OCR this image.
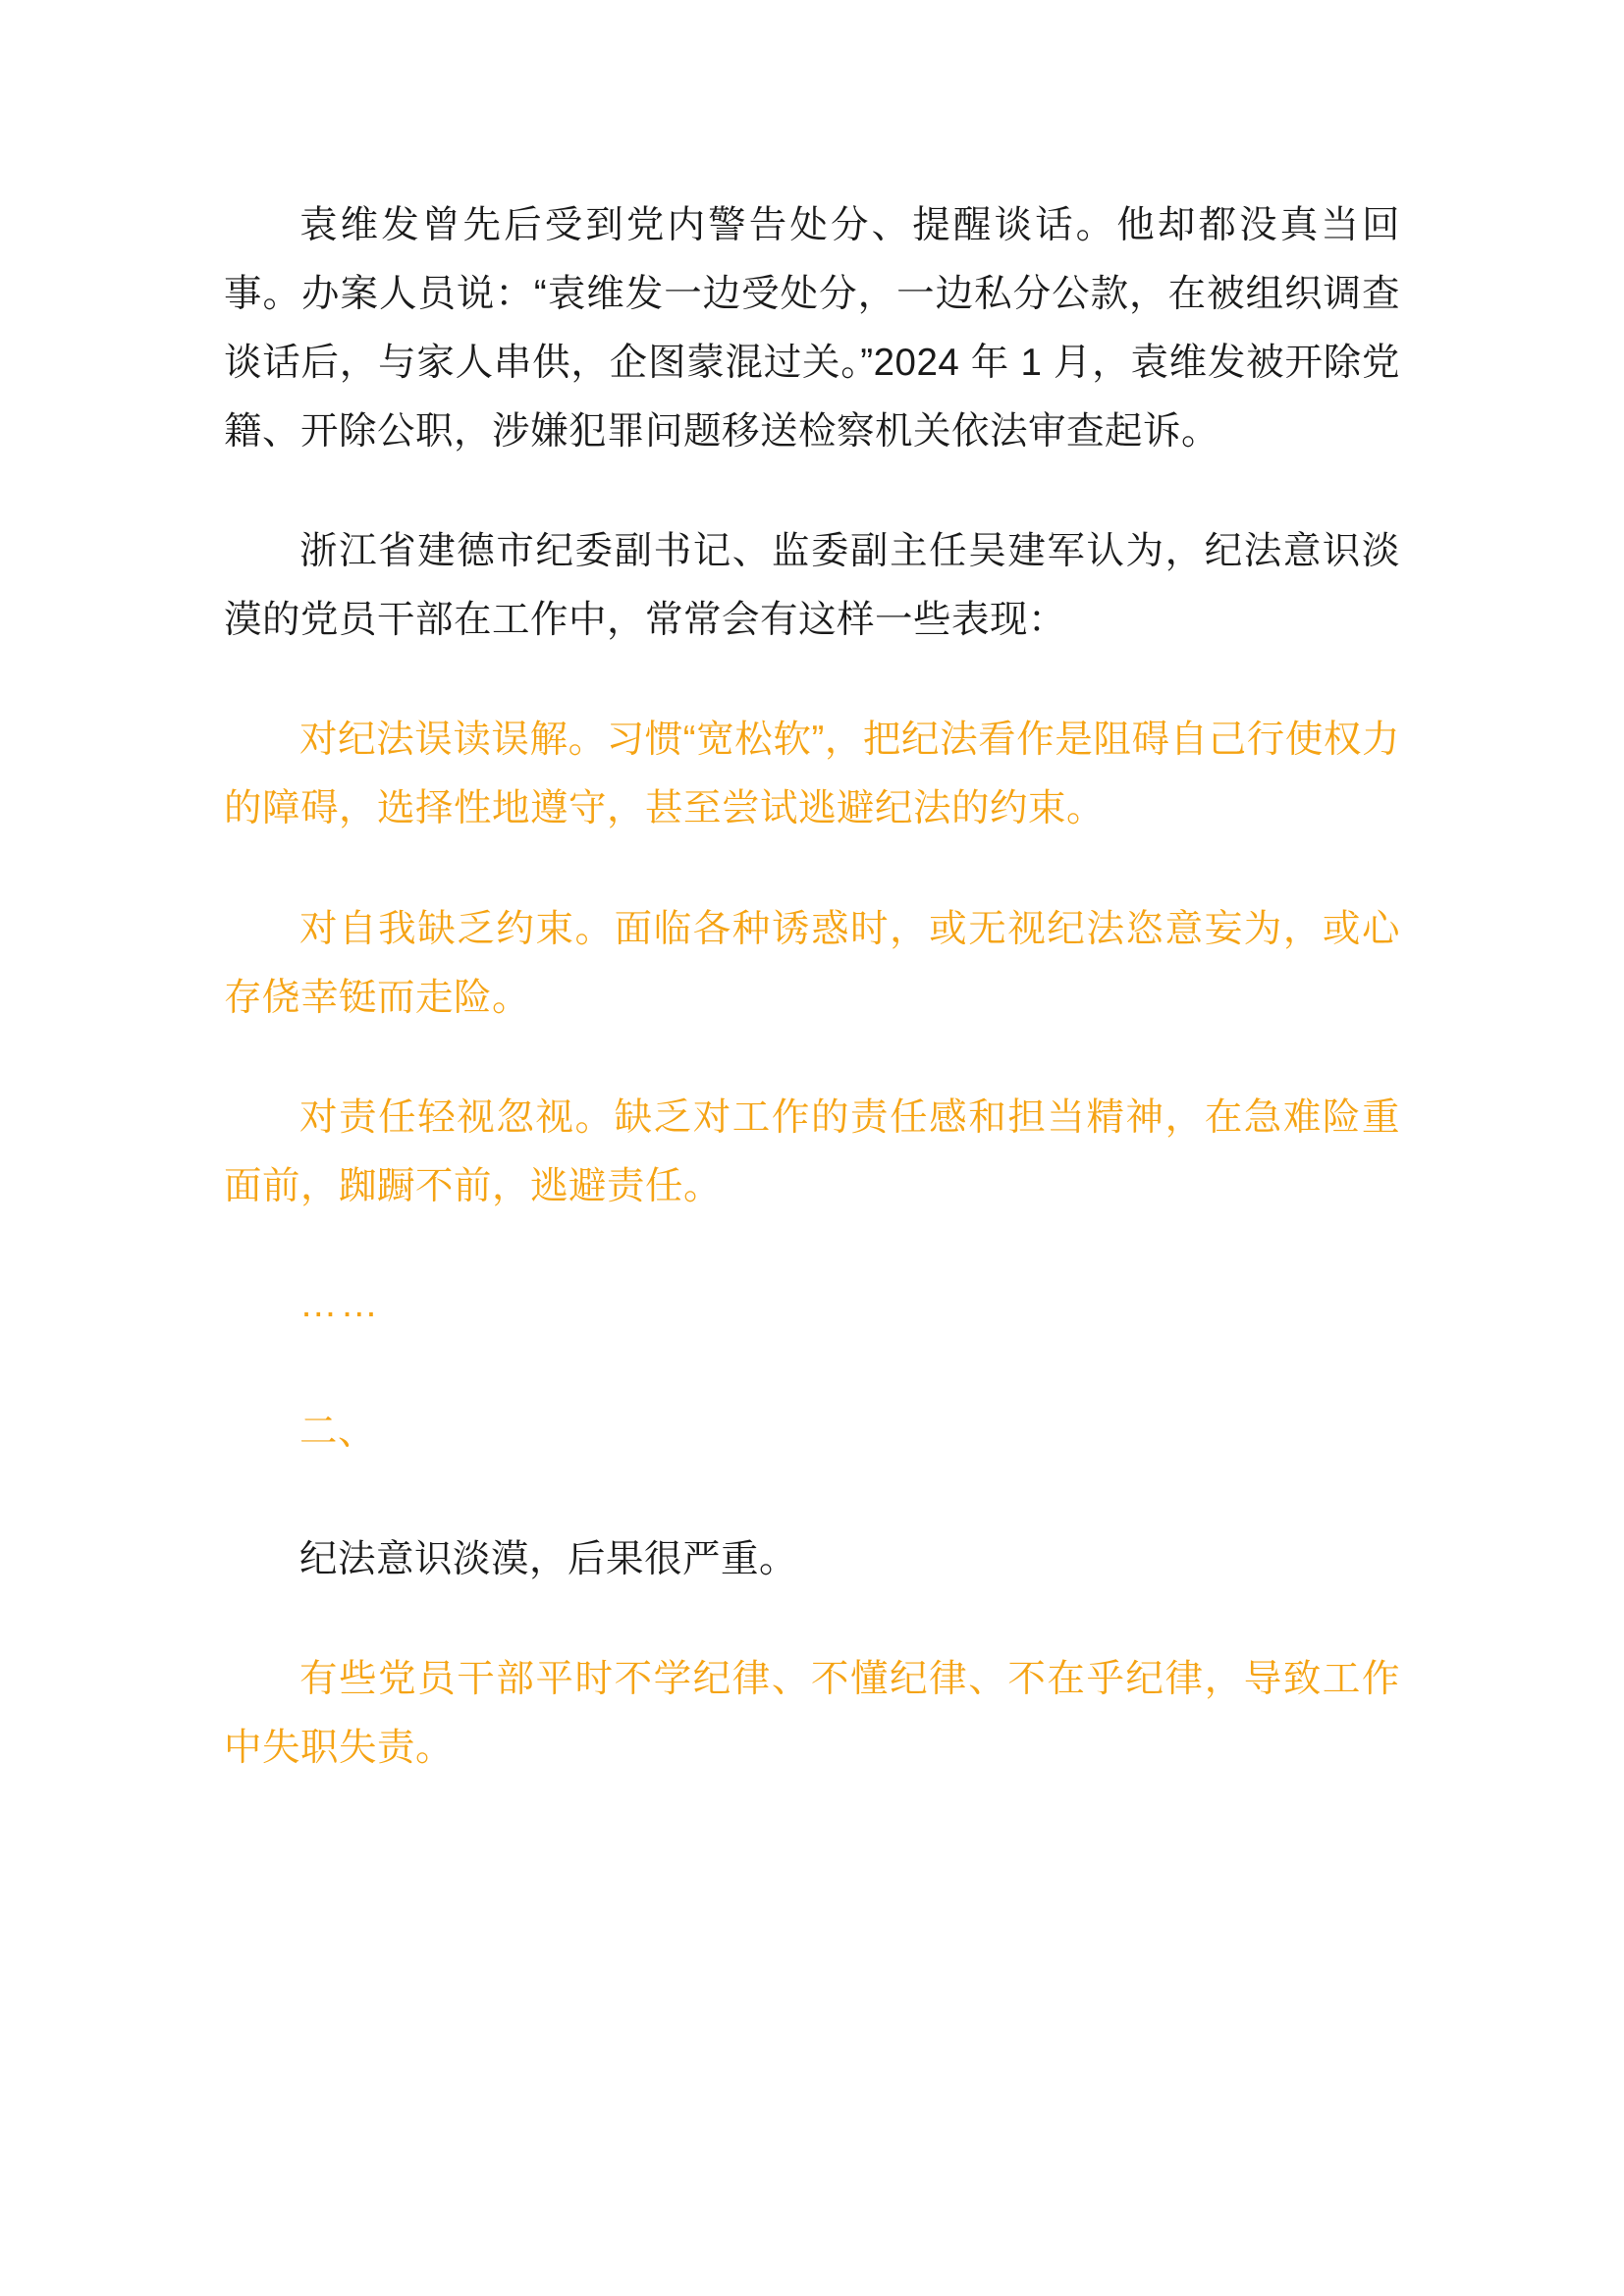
袁维发曾先后受到党内警告处分、提醒谈话。他却都没真当回事。办案人员说：“袁维发一边受处分，一边私分公款，在被组织调查谈话后，与家人串供，企图蒙混过关。”2024 年 1 月，袁维发被开除党籍、开除公职，涉嫌犯罪问题移送检察机关依法审查起诉。

浙江省建德市纪委副书记、监委副主任吴建军认为，纪法意识淡漠的党员干部在工作中，常常会有这样一些表现：

对纪法误读误解。习惯“宽松软”，把纪法看作是阻碍自己行使权力的障碍，选择性地遵守，甚至尝试逃避纪法的约束。

对自我缺乏约束。面临各种诱惑时，或无视纪法恣意妄为，或心存侥幸铤而走险。

对责任轻视忽视。缺乏对工作的责任感和担当精神，在急难险重面前，踟蹰不前，逃避责任。

……

二、

纪法意识淡漠，后果很严重。

有些党员干部平时不学纪律、不懂纪律、不在乎纪律，导致工作中失职失责。
